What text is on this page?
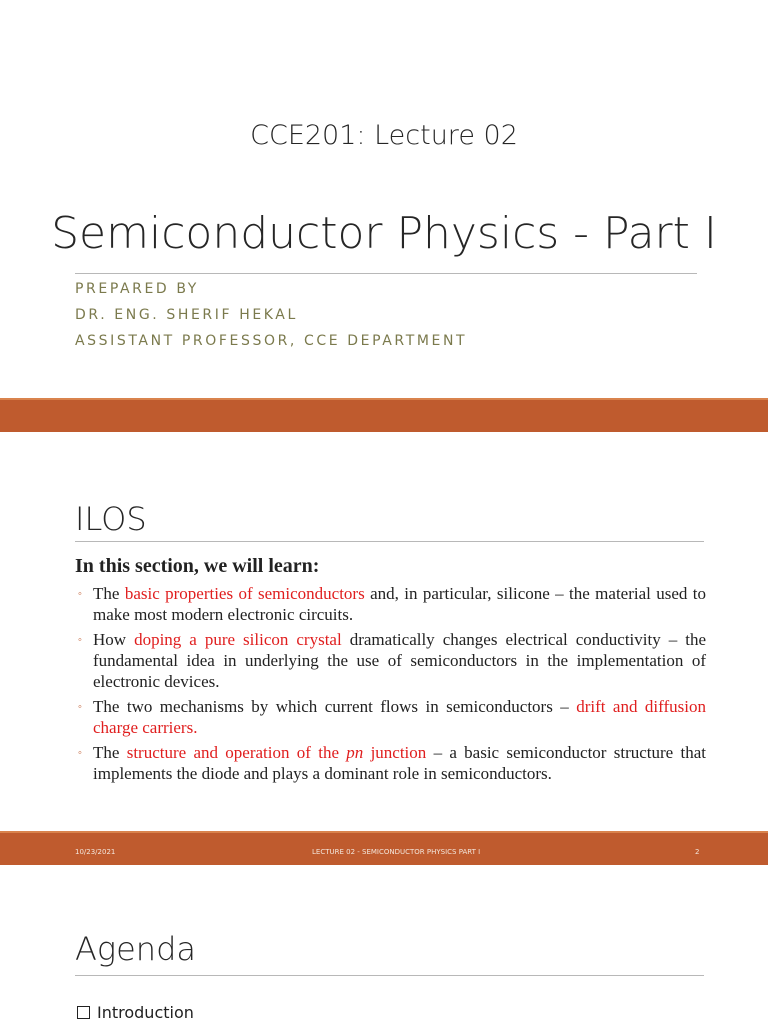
CCE201: Lecture 02
Semiconductor Physics - Part I
PREPARED BY
DR. ENG. SHERIF HEKAL
ASSISTANT PROFESSOR, CCE DEPARTMENT
ILOS
In this section, we will learn:
◦ The basic properties of semiconductors and, in particular, silicone – the material used to make most modern electronic circuits.
◦ How doping a pure silicon crystal dramatically changes electrical conductivity – the fundamental idea in underlying the use of semiconductors in the implementation of electronic devices.
◦ The two mechanisms by which current flows in semiconductors – drift and diffusion charge carriers.
◦ The structure and operation of the pn junction – a basic semiconductor structure that implements the diode and plays a dominant role in semiconductors.
10/23/2021	LECTURE 02 - SEMICONDUCTOR PHYSICS PART I	2
Agenda
Introduction
